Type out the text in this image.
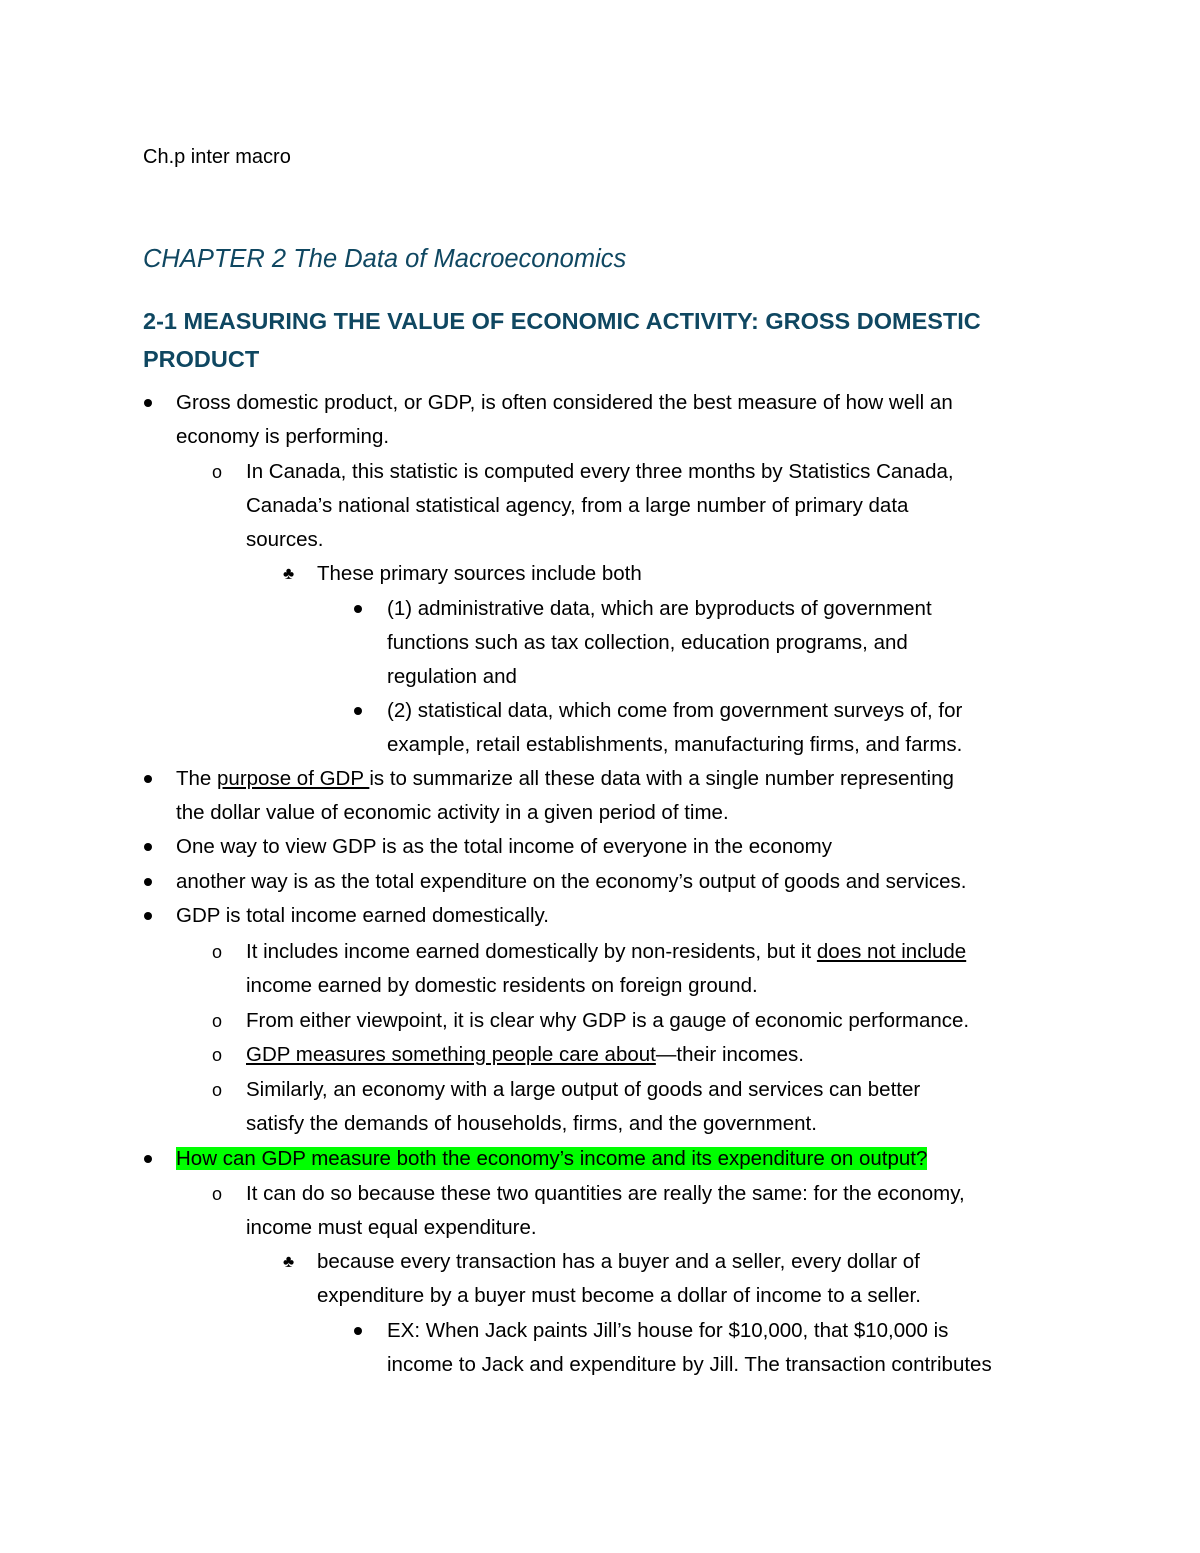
Ch.p inter macro

CHAPTER 2 The Data of Macroeconomics
2-1 MEASURING THE VALUE OF ECONOMIC ACTIVITY: GROSS DOMESTIC PRODUCT

Gross domestic product, or GDP, is often considered the best measure of how well an

economy is performing.

o In Canada, this statistic is computed every three months by Statistics Canada,

Canada’s national statistical agency, from a large number of primary data

sources.

♣ These primary sources include both

(1) administrative data, which are byproducts of government

functions such as tax collection, education programs, and

regulation and

(2) statistical data, which come from government surveys of, for

example, retail establishments, manufacturing firms, and farms.

The purpose of GDP is to summarize all these data with a single number representing

the dollar value of economic activity in a given period of time.

One way to view GDP is as the total income of everyone in the economy

another way is as the total expenditure on the economy’s output of goods and services.

GDP is total income earned domestically.

o It includes income earned domestically by non-residents, but it does not include

income earned by domestic residents on foreign ground.

o From either viewpoint, it is clear why GDP is a gauge of economic performance.

o GDP measures something people care about—their incomes.

o Similarly, an economy with a large output of goods and services can better

satisfy the demands of households, firms, and the government.

How can GDP measure both the economy’s income and its expenditure on output?

o It can do so because these two quantities are really the same: for the economy,

income must equal expenditure.

♣ because every transaction has a buyer and a seller, every dollar of

expenditure by a buyer must become a dollar of income to a seller.

EX: When Jack paints Jill’s house for $10,000, that $10,000 is

income to Jack and expenditure by Jill. The transaction contributes
